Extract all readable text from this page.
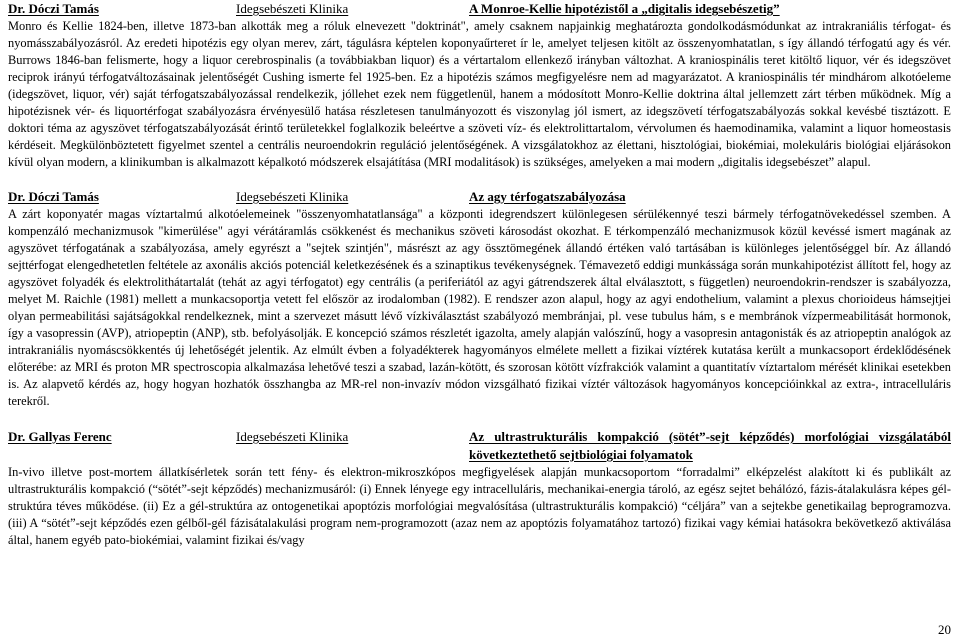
Dr. Dóczi Tamás	Idegsebészeti Klinika	A Monroe-Kellie hipotézistől a „digitalis idegsebészetig”

Monro és Kellie 1824-ben, illetve 1873-ban alkották meg a róluk elnevezett "doktrinát", amely csaknem napjainkig meghatározta gondolkodásmódunkat az intrakraniális térfogat- és nyomásszabályozásról. Az eredeti hipotézis egy olyan merev, zárt, tágulásra képtelen koponyaűrteret ír le, amelyet teljesen kitölt az összenyomhatatlan, s így állandó térfogatú agy és vér. Burrows 1846-ban felismerte, hogy a liquor cerebrospinalis (a továbbiakban liquor) és a vértartalom ellenkező irányban változhat. A kraniospinális teret kitöltő liquor, vér és idegszövet reciprok irányú térfogatváltozásainak jelentőségét Cushing ismerte fel 1925-ben. Ez a hipotézis számos megfigyelésre nem ad magyarázatot. A kraniospinális tér mindhárom alkotóeleme (idegszövet, liquor, vér) saját térfogatszabályozással rendelkezik, jóllehet ezek nem függetlenül, hanem a módosított Monro-Kellie doktrina által jellemzett zárt térben működnek. Míg a hipotézisnek vér- és liquortérfogat szabályozásra érvényesülő hatása részletesen tanulmányozott és viszonylag jól ismert, az idegszövetí térfogatszabályozás sokkal kevésbé tisztázott. E doktori téma az agyszövet térfogatszabályozását érintő területekkel foglalkozik beleértve a szöveti víz- és elektrolittartalom, vérvolumen és haemodinamika, valamint a liquor homeostasis kérdéseit. Megkülönböztetett figyelmet szentel a centrális neuroendokrin reguláció jelentőségének. A vizsgálatokhoz az élettani, hisztológiai, biokémiai, molekuláris biológiai eljárásokon kívül olyan modern, a klinikumban is alkalmazott képalkotó módszerek elsajátítása (MRI modalitások) is szükséges, amelyeken a mai modern „digitalis idegsebészet” alapul.

Dr. Dóczi Tamás	Idegsebészeti Klinika	Az agy térfogatszabályozása

A zárt koponyatér magas víztartalmú alkotóelemeinek "összenyomhatatlansága" a központi idegrendszert különlegesen sérülékennyé teszi bármely térfogatnövekedéssel szemben. A kompenzáló mechanizmusok "kimerülése" agyi vérátáramlás csökkenést és mechanikus szöveti károsodást okozhat. E térkompenzáló mechanizmusok közül kevéssé ismert magának az agyszövet térfogatának a szabályozása, amely egyrészt a "sejtek szintjén", másrészt az agy össztömegének állandó értéken való tartásában is különleges jelentőséggel bír. Az állandó sejttérfogat elengedhetetlen feltétele az axonális akciós potenciál keletkezésének és a szinaptikus tevékenységnek. Témavezető eddigi munkássága során munkahipotézist állított fel, hogy az agyszövet folyadék és elektrolithátartalát (tehát az agyi térfogatot) egy centrális (a periferiától az agyi gátrendszerek által elválasztott, s független) neuroendokrin-rendszer is szabályozza, melyet M. Raichle (1981) mellett a munkacsoportja vetett fel először az irodalomban (1982). E rendszer azon alapul, hogy az agyi endothelium, valamint a plexus chorioideus hámsejtjei olyan permeabilitási sajátságokkal rendelkeznek, mint a szervezet másutt lévő vízkiválasztást szabályozó membránjai, pl. vese tubulus hám, s e membránok vízpermeabilitását hormonok, így a vasopressin (AVP), atriopeptin (ANP), stb. befolyásolják. E koncepció számos részletét igazolta, amely alapján valószínű, hogy a vasopresin antagonisták és az atriopeptin analógok az intrakraniális nyomáscsökkentés új lehetőségét jelentik. Az elmúlt évben a folyadékterek hagyományos elmélete mellett a fizikai víztérek kutatása került a munkacsoport érdeklődésének előterébe: az MRI és proton MR spectroscopia alkalmazása lehetővé teszi a szabad, lazán-kötött, és szorosan kötött vízfrakciók valamint a quantitatív víztartalom mérését klinikai esetekben is. Az alapvető kérdés az, hogy hogyan hozhatók összhangba az MR-rel non-invazív módon vizsgálható fizikai víztér változások hagyományos koncepcióinkkal az extra-, intracelluláris terekről.

Dr. Gallyas Ferenc	Idegsebészeti Klinika	Az ultrastrukturális kompakció (sötét”-sejt képződés) morfológiai vizsgálatából következtethető sejtbiológiai folyamatok

In-vivo illetve post-mortem állatkísérletek során tett fény- és elektron-mikroszkópos megfigyelések alapján munkacsoportom “forradalmi” elképzelést alakított ki és publikált az ultrastrukturális kompakció (“sötét”-sejt képződés) mechanizmusáról: (i) Ennek lényege egy intracelluláris, mechanikai-energia tároló, az egész sejtet behálózó, fázis-átalakulásra képes gél-struktúra téves működése. (ii) Ez a gél-struktúra az ontogenetikai apoptózis morfológiai megvalósítása (ultrastrukturális kompakció) “céljára” van a sejtekbe genetikailag beprogramozva. (iii) A “sötét”-sejt képződés ezen gélből-gél fázisátalakulási program nem-programozott (azaz nem az apoptózis folyamatához tartozó) fizikai vagy kémiai hatásokra bekövetkező aktiválása által, hanem egyéb pato-biokémiai, valamint fizikai és/vagy

20
